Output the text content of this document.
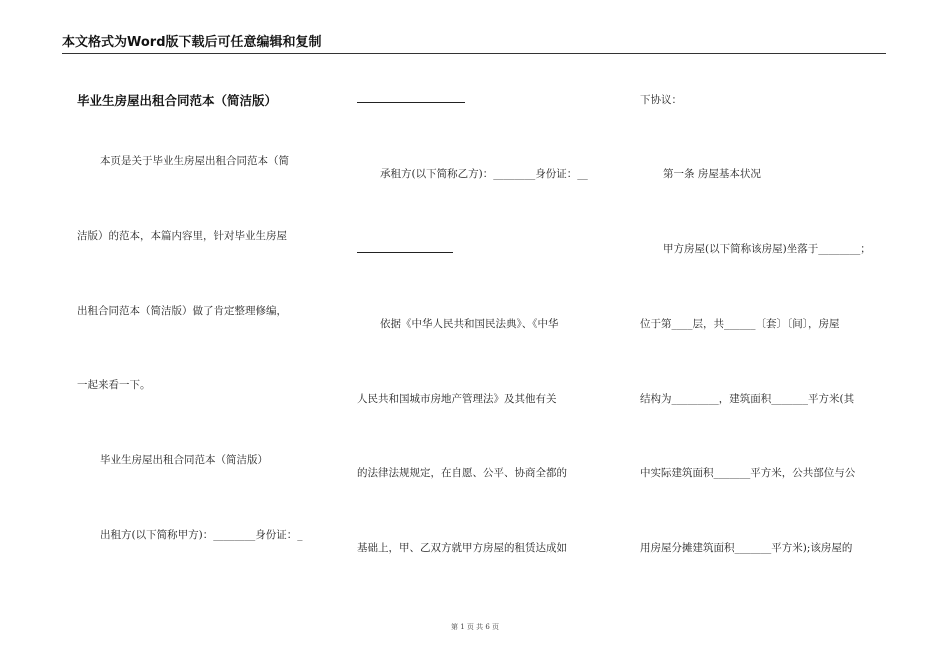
本文格式为Word版下载后可任意编辑和复制
毕业生房屋出租合同范本（简洁版）
本页是关于毕业生房屋出租合同范本（简
洁版）的范本，本篇内容里，针对毕业生房屋
出租合同范本（简洁版）做了肯定整理修编，
一起来看一下。
毕业生房屋出租合同范本（简洁版）
出租方(以下简称甲方)：________身份证：_
承租方(以下简称乙方)：________身份证：__
依据《中华人民共和国民法典》、《中华
人民共和国城市房地产管理法》及其他有关
的法律法规规定，在自愿、公平、协商全都的
基础上，甲、乙双方就甲方房屋的租赁达成如
下协议：
第一条 房屋基本状况
甲方房屋(以下简称该房屋)坐落于________；
位于第____层，共______〔套〕〔间〕，房屋
结构为_________，建筑面积_______平方米(其
中实际建筑面积_______平方米，公共部位与公
用房屋分摊建筑面积_______平方米);该房屋的
第 1 页 共 6 页
